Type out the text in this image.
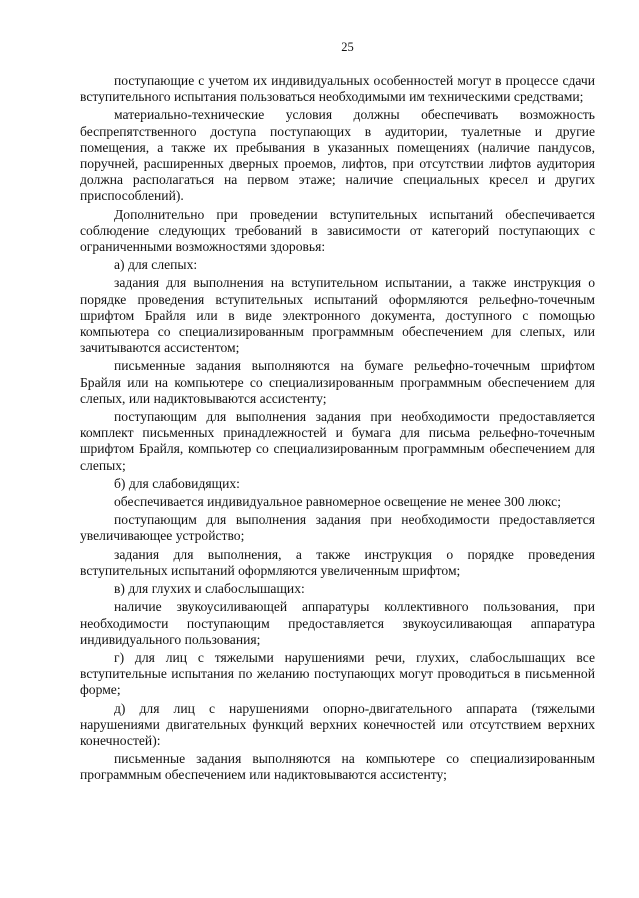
25

поступающие с учетом их индивидуальных особенностей могут в процессе сдачи вступительного испытания пользоваться необходимыми им техническими средствами;

материально-технические условия должны обеспечивать возможность беспрепятственного доступа поступающих в аудитории, туалетные и другие помещения, а также их пребывания в указанных помещениях (наличие пандусов, поручней, расширенных дверных проемов, лифтов, при отсутствии лифтов аудитория должна располагаться на первом этаже; наличие специальных кресел и других приспособлений).

Дополнительно при проведении вступительных испытаний обеспечивается соблюдение следующих требований в зависимости от категорий поступающих с ограниченными возможностями здоровья:

а) для слепых:

задания для выполнения на вступительном испытании, а также инструкция о порядке проведения вступительных испытаний оформляются рельефно-точечным шрифтом Брайля или в виде электронного документа, доступного с помощью компьютера со специализированным программным обеспечением для слепых, или зачитываются ассистентом;

письменные задания выполняются на бумаге рельефно-точечным шрифтом Брайля или на компьютере со специализированным программным обеспечением для слепых, или надиктовываются ассистенту;

поступающим для выполнения задания при необходимости предоставляется комплект письменных принадлежностей и бумага для письма рельефно-точечным шрифтом Брайля, компьютер со специализированным программным обеспечением для слепых;

б) для слабовидящих:

обеспечивается индивидуальное равномерное освещение не менее 300 люкс;

поступающим для выполнения задания при необходимости предоставляется увеличивающее устройство;

задания для выполнения, а также инструкция о порядке проведения вступительных испытаний оформляются увеличенным шрифтом;

в) для глухих и слабослышащих:

наличие звукоусиливающей аппаратуры коллективного пользования, при необходимости поступающим предоставляется звукоусиливающая аппаратура индивидуального пользования;

г) для лиц с тяжелыми нарушениями речи, глухих, слабослышащих все вступительные испытания по желанию поступающих могут проводиться в письменной форме;

д) для лиц с нарушениями опорно-двигательного аппарата (тяжелыми нарушениями двигательных функций верхних конечностей или отсутствием верхних конечностей):

письменные задания выполняются на компьютере со специализированным программным обеспечением или надиктовываются ассистенту;
